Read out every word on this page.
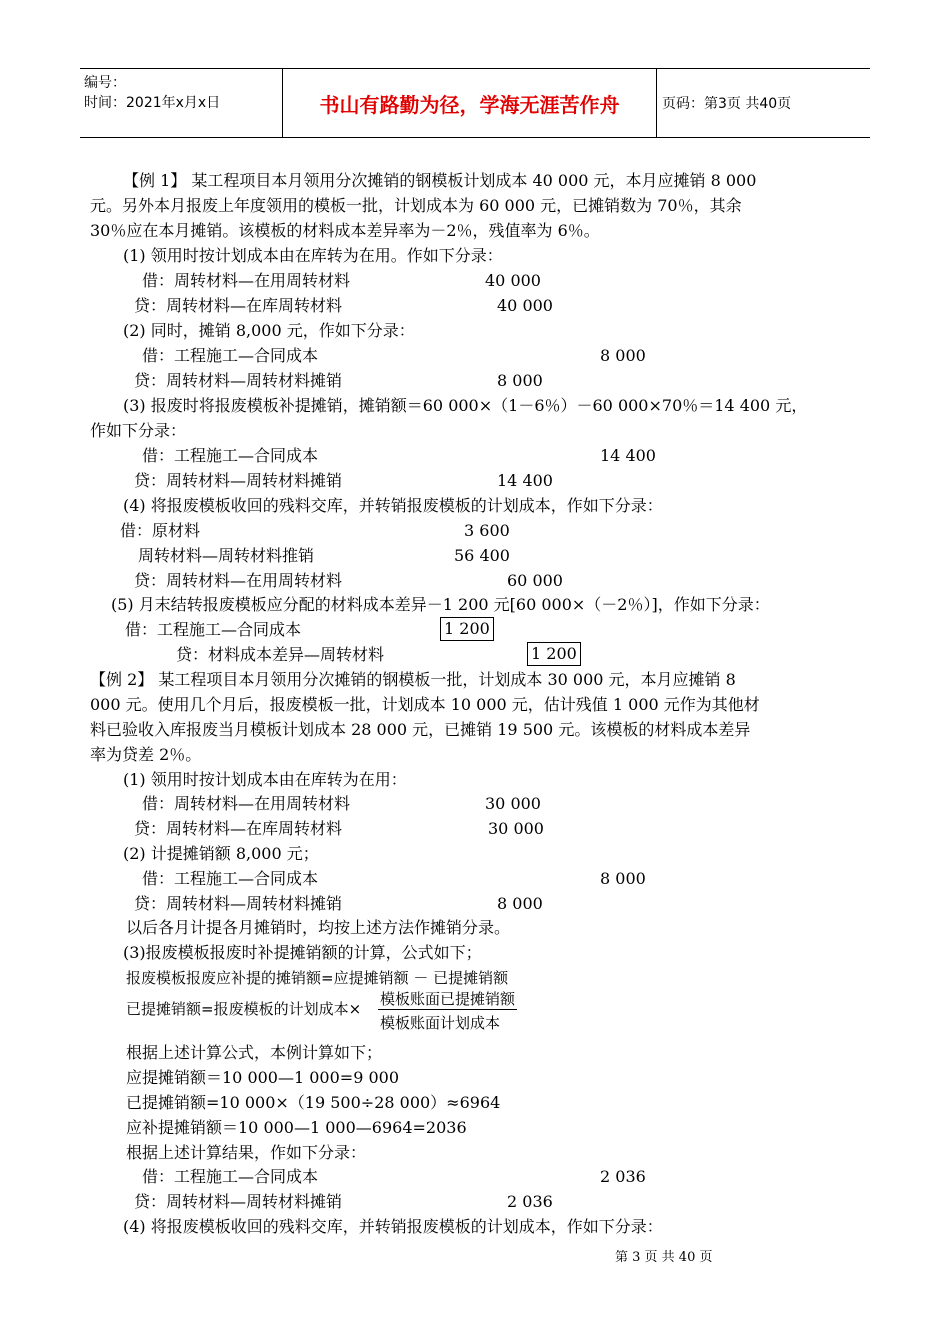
编号：
时间：2021年x月x日	书山有路勤为径，学海无涯苦作舟	页码：第3页 共40页
【例 1】 某工程项目本月领用分次摊销的钢模板计划成本 40 000 元，本月应摊销 8 000
元。另外本月报废上年度领用的模板一批，计划成本为 60 000 元，已摊销数为 70％，其余
30％应在本月摊销。该模板的材料成本差异率为－2％，残值率为 6％。
(1) 领用时按计划成本由在库转为在用。作如下分录：
借：周转材料—在用周转材料
贷：周转材料—在库周转材料
(2) 同时，摊销 8,000 元，作如下分录：
借：工程施工—合同成本
贷：周转材料—周转材料摊销
(3) 报废时将报废模板补提摊销，摊销额＝60 000×（1－6％）－60 000×70％＝14 400 元，
作如下分录：
借：工程施工—合同成本
贷：周转材料—周转材料摊销
(4) 将报废模板收回的残料交库，并转销报废模板的计划成本，作如下分录：
借：原材料
周转材料—周转材料推销
贷：周转材料—在用周转材料
(5) 月末结转报废模板应分配的材料成本差异－1 200 元[60 000×（－2％）]，作如下分录：
借：工程施工—合同成本
贷：材料成本差异—周转材料
【例 2】 某工程项目本月领用分次摊销的钢模板一批，计划成本 30 000 元，本月应摊销 8
000 元。使用几个月后，报废模板一批，计划成本 10 000 元，估计残值 1 000 元作为其他材
料已验收入库报废当月模板计划成本 28 000 元，已摊销 19 500 元。该模板的材料成本差异
率为贷差 2％。
(1) 领用时按计划成本由在库转为在用：
借：周转材料—在用周转材料
贷：周转材料—在库周转材料
(2) 计提摊销额 8,000 元；
借：工程施工—合同成本
贷：周转材料—周转材料摊销
以后各月计提各月摊销时，均按上述方法作摊销分录。
(3)报废模板报废时补提摊销额的计算，公式如下；
报废模板报废应补提的摊销额=应提摊销额 － 已提摊销额
已提摊销额=报废模板的计划成本×
模板账面已提摊销额
模板账面计划成本
根据上述计算公式，本例计算如下；
应提摊销额＝10 000—1 000=9 000
已提摊销额=10 000×（19 500÷28 000）≈6964
应补提摊销额＝10 000—1 000—6964=2036
根据上述计算结果，作如下分录：
借：工程施工—合同成本
贷：周转材料—周转材料摊销
(4) 将报废模板收回的残料交库，并转销报废模板的计划成本，作如下分录：
40 000
40 000
8 000
8 000
14 400
14 400
3 600
56 400
60 000
1 200
1 200
30 000
30 000
8 000
8 000
2 036
2 036
第 3 页 共 40 页
